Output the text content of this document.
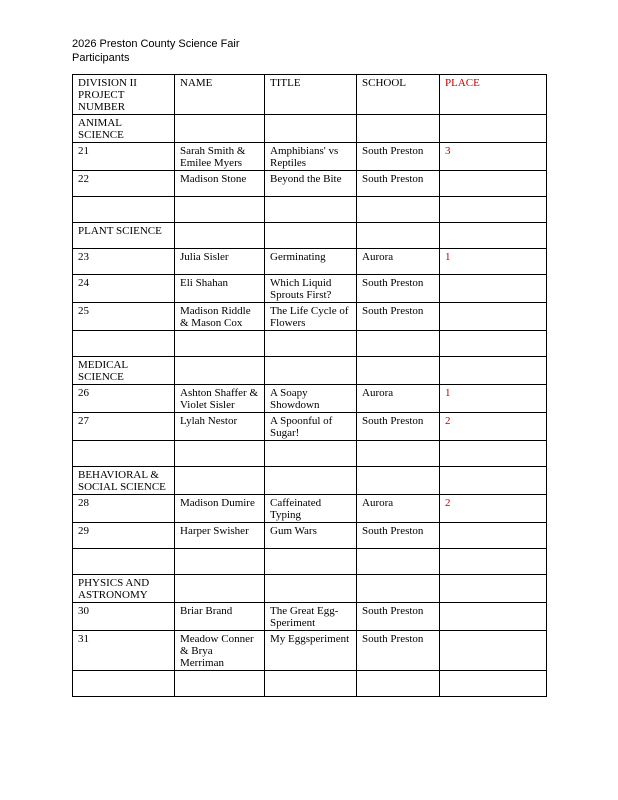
2026 Preston County Science Fair
Participants
DIVISION II PROJECT NUMBER	NAME	TITLE	SCHOOL	PLACE
ANIMAL SCIENCE				
21	Sarah Smith & Emilee Myers	Amphibians' vs Reptiles	South Preston	3
22	Madison Stone	Beyond the Bite	South Preston	

PLANT SCIENCE				
23	Julia Sisler	Germinating	Aurora	1
24	Eli Shahan	Which Liquid Sprouts First?	South Preston	
25	Madison Riddle & Mason Cox	The Life Cycle of Flowers	South Preston	

MEDICAL SCIENCE				
26	Ashton Shaffer & Violet Sisler	A Soapy Showdown	Aurora	1
27	Lylah Nestor	A Spoonful of Sugar!	South Preston	2

BEHAVIORAL & SOCIAL SCIENCE				
28	Madison Dumire	Caffeinated Typing	Aurora	2
29	Harper Swisher	Gum Wars	South Preston	

PHYSICS AND ASTRONOMY				
30	Briar Brand	The Great Egg-Speriment	South Preston	
31	Meadow Conner & Brya Merriman	My Eggsperiment	South Preston	
